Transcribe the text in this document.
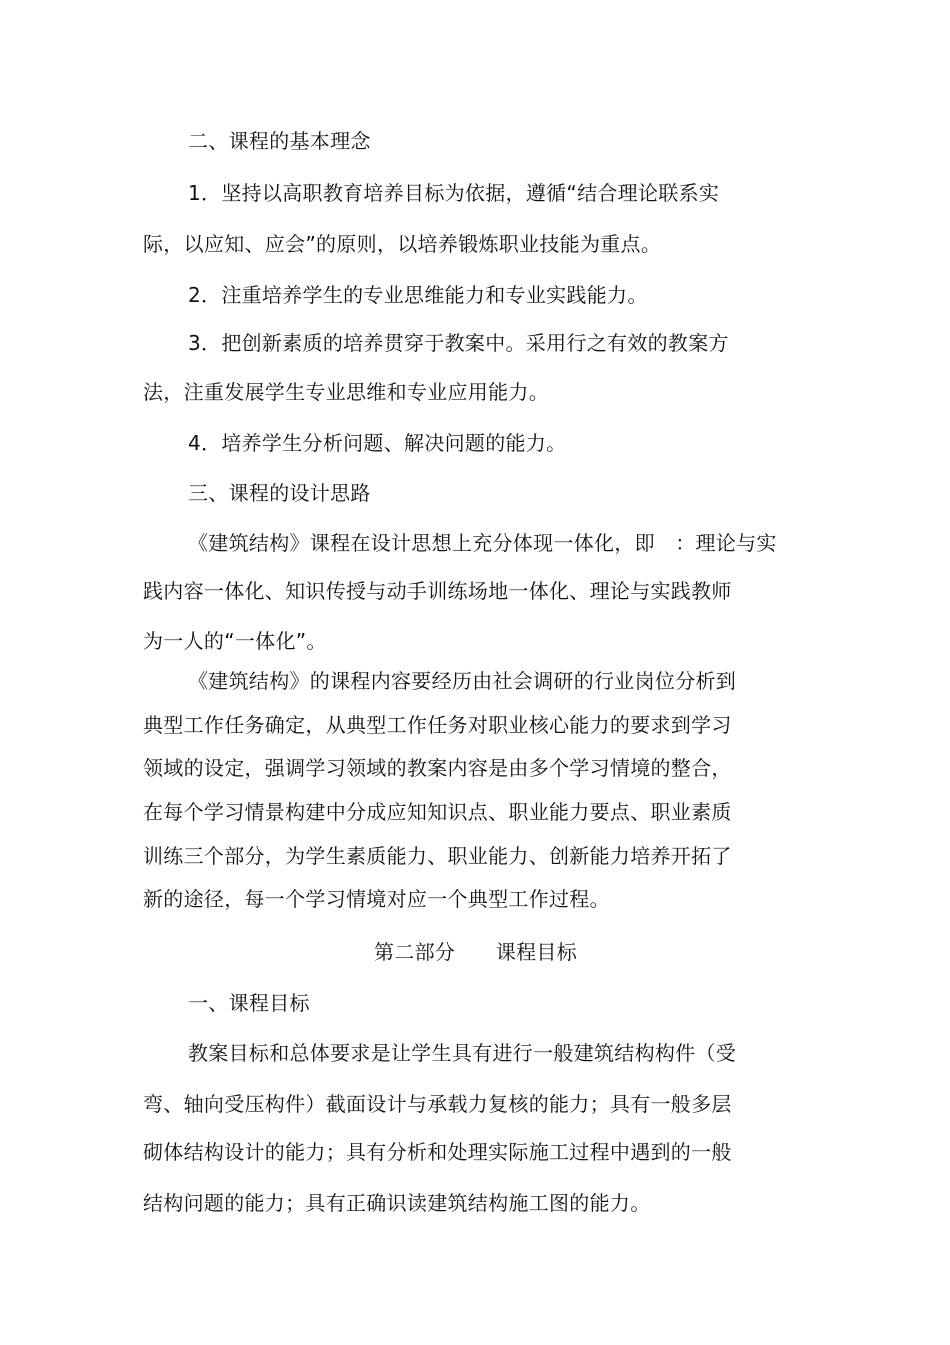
二、课程的基本理念
1．坚持以高职教育培养目标为依据，遵循“结合理论联系实
际，以应知、应会”的原则，以培养锻炼职业技能为重点。
2．注重培养学生的专业思维能力和专业实践能力。
3．把创新素质的培养贯穿于教案中。采用行之有效的教案方
法，注重发展学生专业思维和专业应用能力。
4．培养学生分析问题、解决问题的能力。
三、课程的设计思路
《建筑结构》课程在设计思想上充分体现一体化，即　：理论与实
践内容一体化、知识传授与动手训练场地一体化、理论与实践教师
为一人的“一体化”。
《建筑结构》的课程内容要经历由社会调研的行业岗位分析到
典型工作任务确定，从典型工作任务对职业核心能力的要求到学习
领域的设定，强调学习领域的教案内容是由多个学习情境的整合，
在每个学习情景构建中分成应知知识点、职业能力要点、职业素质
训练三个部分，为学生素质能力、职业能力、创新能力培养开拓了
新的途径，每一个学习情境对应一个典型工作过程。
第二部分　　课程目标
一、课程目标
教案目标和总体要求是让学生具有进行一般建筑结构构件（受
弯、轴向受压构件）截面设计与承载力复核的能力；具有一般多层
砌体结构设计的能力；具有分析和处理实际施工过程中遇到的一般
结构问题的能力；具有正确识读建筑结构施工图的能力。
